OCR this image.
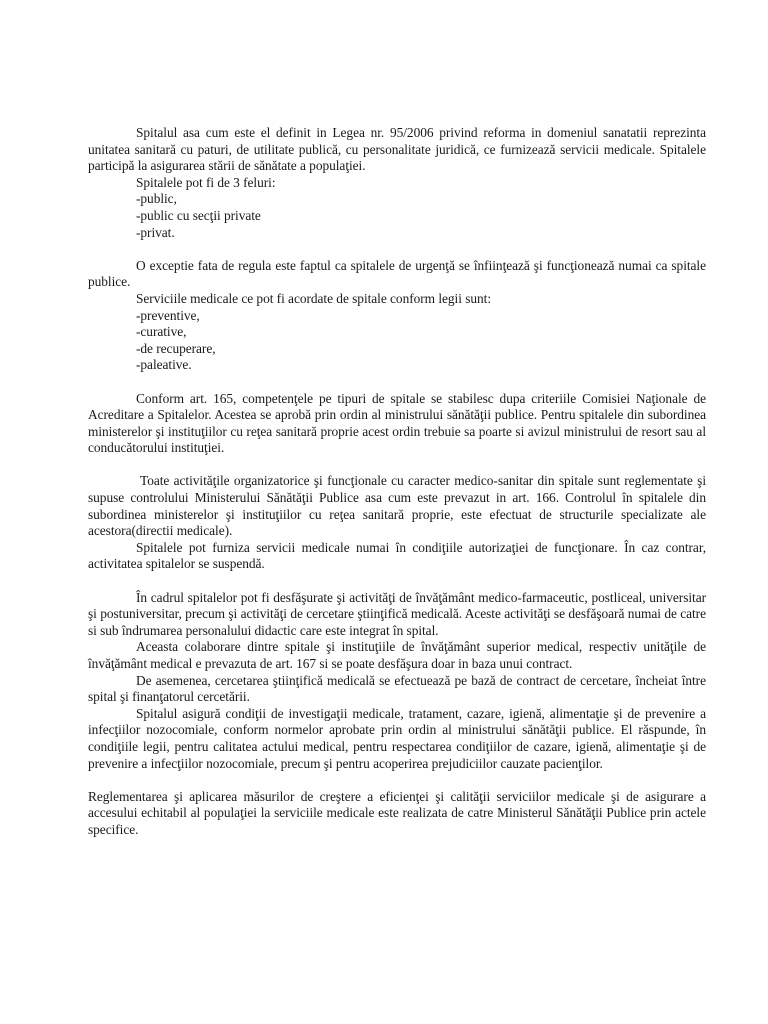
Spitalul asa cum este el definit in Legea nr. 95/2006 privind reforma in domeniul sanatatii reprezinta unitatea sanitară cu paturi, de utilitate publică, cu personalitate juridică, ce furnizează servicii medicale. Spitalele participă la asigurarea stării de sănătate a populaţiei.

Spitalele pot fi de 3 feluri:

-public,

-public cu secţii private

-privat.

O exceptie fata de regula este faptul ca spitalele de urgenţă se înfiinţează şi funcţionează numai ca spitale publice.

Serviciile medicale ce pot fi acordate de spitale conform legii sunt:

-preventive,

-curative,

-de recuperare,

-paleative.

Conform art. 165, competenţele pe tipuri de spitale se stabilesc dupa criteriile Comisiei Naţionale de Acreditare a Spitalelor. Acestea se aprobă prin ordin al ministrului sănătăţii publice. Pentru spitalele din subordinea ministerelor şi instituţiilor cu reţea sanitară proprie acest ordin trebuie sa poarte si avizul ministrului de resort sau al conducătorului instituţiei.

Toate activităţile organizatorice şi funcţionale cu caracter medico-sanitar din spitale sunt reglementate şi supuse controlului Ministerului Sănătăţii Publice asa cum este prevazut in art. 166. Controlul în spitalele din subordinea ministerelor şi instituţiilor cu reţea sanitară proprie, este efectuat de structurile specializate ale acestora(directii medicale).

Spitalele pot furniza servicii medicale numai în condiţiile autorizaţiei de funcţionare. În caz contrar, activitatea spitalelor se suspendă.

În cadrul spitalelor pot fi desfăşurate şi activităţi de învăţământ medico-farmaceutic, postliceal, universitar şi postuniversitar, precum şi activităţi de cercetare ştiinţifică medicală. Aceste activităţi se desfăşoară numai de catre si sub îndrumarea personalului didactic care este integrat în spital.

Aceasta colaborare dintre spitale şi instituţiile de învăţământ superior medical, respectiv unităţile de învăţământ medical e prevazuta de art. 167 si se poate desfăşura doar in baza unui contract.

De asemenea, cercetarea ştiinţifică medicală se efectuează pe bază de contract de cercetare, încheiat între spital şi finanţatorul cercetării.

Spitalul asigură condiţii de investigaţii medicale, tratament, cazare, igienă, alimentaţie şi de prevenire a infecţiilor nozocomiale, conform normelor aprobate prin ordin al ministrului sănătăţii publice. El răspunde, în condiţiile legii, pentru calitatea actului medical, pentru respectarea condiţiilor de cazare, igienă, alimentaţie şi de prevenire a infecţiilor nozocomiale, precum şi pentru acoperirea prejudiciilor cauzate pacienţilor.

Reglementarea şi aplicarea măsurilor de creştere a eficienţei şi calităţii serviciilor medicale şi de asigurare a accesului echitabil al populaţiei la serviciile medicale este realizata de catre Ministerul Sănătăţii Publice prin actele specifice.
